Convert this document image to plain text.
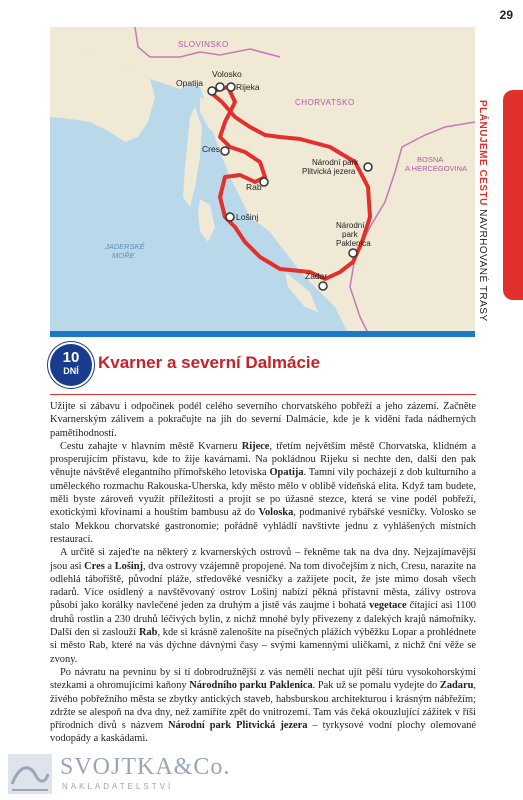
29
SLOVINSKO
CHORVATSKO
BOSNA
A HERCEGOVINA
JADERSKÉ
MOŘE
Volosko
Opatija	Rijeka
Cres
Rab
Lošinj
Národní park
Plitvická jezera
Národní
park
Paklenica
Zadar
PLÁNUJEME CESTU NAVRHOVANÉ TRASY
10
DNÍ	Kvarner a severní Dalmácie

Užijte si zábavu i odpočinek podél celého severního chorvatského pobřeží a jeho zázemí. Začněte Kvarnerským zálivem a pokračujte na jih do severní Dalmácie, kde je k vidění řada nádherných pamětihodností.

Cestu zahajte v hlavním městě Kvarneru Rijece, třetím největším městě Chorvatska, klidném a prosperujícím přístavu, kde to žije kavárnami. Na pokládnou Rijeku si nechte den, další den pak věnujte návštěvě elegantního přímořského letoviska Opatija. Tamní vily pocházejí z dob kulturního a uměleckého rozmachu Rakouska-Uherska, kdy město mělo v oblibě vídeňská elita. Když tam budete, měli byste zároveň využít příležitosti a projít se po úžasné stezce, která se vine podél pobřeží, exotickými křovinami a houštím bambusu až do Voloska, podmanivé rybářské vesničky. Volosko se stalo Mekkou chorvatské gastronomie; pořádně vyhládlí navštivte jednu z vyhlášených místních restaurací.

A určitě si zajeďte na některý z kvarnerských ostrovů – řekněme tak na dva dny. Nejzajímavější jsou asi Cres a Lošinj, dva ostrovy vzájemně propojené. Na tom divočejším z nich, Cresu, narazíte na odlehlá tábořiště, původní pláže, středověké vesničky a zažijete pocit, že jste mimo dosah všech radarů. Více osídlený a navštěvovaný ostrov Lošinj nabízí pěkná přístavní města, zálivy ostrova působí jako korálky navlečené jeden za druhým a jistě vás zaujme i bohatá vegetace čítající asi 1100 druhů rostlin a 230 druhů léčivých bylin, z nichž mnohé byly přivezeny z dalekých krajů námořníky. Další den si zaslouží Rab, kde si krásně zalenošíte na písečných plážích výběžku Lopar a prohlédnete si město Rab, které na vás dýchne dávnými časy – svými kamennými uličkami, z nichž ční věže se zvony.

Po návratu na pevninu by si tí dobrodružnější z vás neměli nechat ujít pěší túru vysokohorskými stezkami a ohromujícími kaňony Národního parku Paklenica. Pak už se pomalu vydejte do Zadaru, živého pobřežního města se zbytky antických staveb, habsburskou architekturou i krásným nábřežím; zdržte se alespoň na dva dny, než zamíříte zpět do vnitrozemí. Tam vás čeká okouzlující zážitek v říši přírodních divů s názvem Národní park Plitvická jezera – tyrkysové vodní plochy olemované vodopády a kaskádami.

SVOJTKA&Co.
NAKLADATELSTVÍ
